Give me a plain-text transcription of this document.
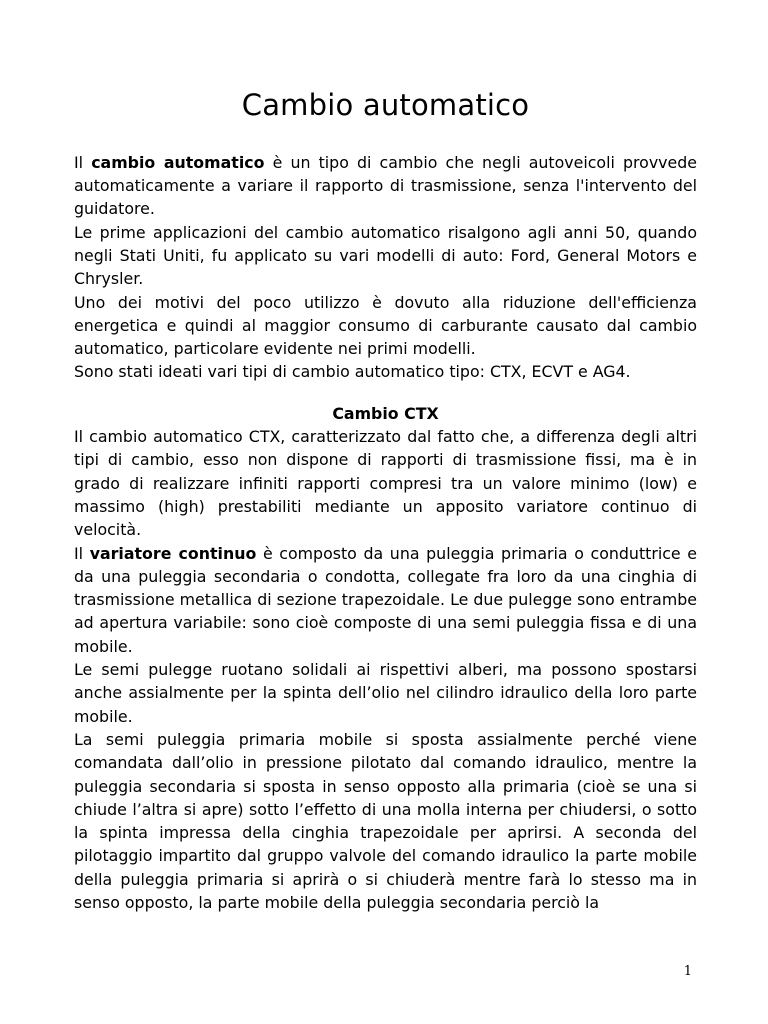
Cambio automatico

Il cambio automatico è un tipo di cambio che negli autoveicoli provvede automaticamente a variare il rapporto di trasmissione, senza l'intervento del guidatore.

Le prime applicazioni del cambio automatico risalgono agli anni 50, quando negli Stati Uniti, fu applicato su vari modelli di auto: Ford, General Motors e Chrysler.

Uno dei motivi del poco utilizzo è dovuto alla riduzione dell'efficienza energetica e quindi al maggior consumo di carburante causato dal cambio automatico, particolare evidente nei primi modelli.

Sono stati ideati vari tipi di cambio automatico tipo: CTX, ECVT e AG4.

Cambio CTX

Il cambio automatico CTX, caratterizzato dal fatto che, a differenza degli altri tipi di cambio, esso non dispone di rapporti di trasmissione fissi, ma è in grado di realizzare infiniti rapporti compresi tra un valore minimo (low) e massimo (high) prestabiliti mediante un apposito variatore continuo di velocità.

Il variatore continuo è composto da una puleggia primaria o conduttrice e da una puleggia secondaria o condotta, collegate fra loro da una cinghia di trasmissione metallica di sezione trapezoidale. Le due pulegge sono entrambe ad apertura variabile: sono cioè composte di una semi puleggia fissa e di una mobile.

Le semi pulegge ruotano solidali ai rispettivi alberi, ma possono spostarsi anche assialmente per la spinta dell’olio nel cilindro idraulico della loro parte mobile.

La semi puleggia primaria mobile si sposta assialmente perché viene comandata dall’olio in pressione pilotato dal comando idraulico, mentre la puleggia secondaria si sposta in senso opposto alla primaria (cioè se una si chiude l’altra si apre) sotto l’effetto di una molla interna per chiudersi, o sotto la spinta impressa della cinghia trapezoidale per aprirsi. A seconda del pilotaggio impartito dal gruppo valvole del comando idraulico la parte mobile della puleggia primaria si aprirà o si chiuderà mentre farà lo stesso ma in senso opposto, la parte mobile della puleggia secondaria perciò la

1
